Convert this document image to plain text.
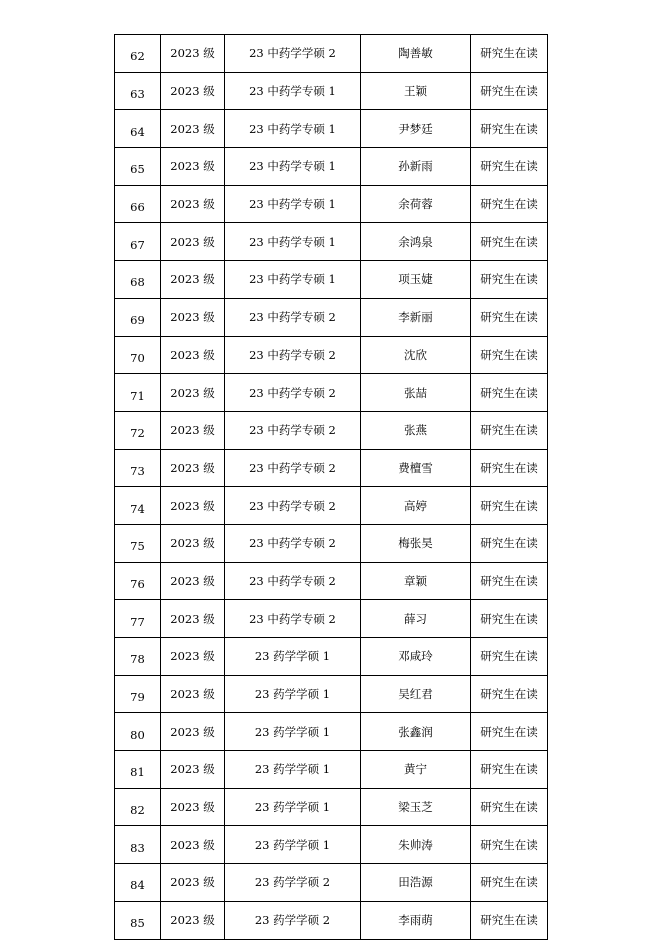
62	2023 级	23 中药学学硕 2	陶善敏	研究生在读
63	2023 级	23 中药学专硕 1	王颖	研究生在读
64	2023 级	23 中药学专硕 1	尹梦廷	研究生在读
65	2023 级	23 中药学专硕 1	孙新雨	研究生在读
66	2023 级	23 中药学专硕 1	余荷蓉	研究生在读
67	2023 级	23 中药学专硕 1	余鸿泉	研究生在读
68	2023 级	23 中药学专硕 1	项玉婕	研究生在读
69	2023 级	23 中药学专硕 2	李新丽	研究生在读
70	2023 级	23 中药学专硕 2	沈欣	研究生在读
71	2023 级	23 中药学专硕 2	张喆	研究生在读
72	2023 级	23 中药学专硕 2	张燕	研究生在读
73	2023 级	23 中药学专硕 2	费檀雪	研究生在读
74	2023 级	23 中药学专硕 2	高婷	研究生在读
75	2023 级	23 中药学专硕 2	梅张昊	研究生在读
76	2023 级	23 中药学专硕 2	章颖	研究生在读
77	2023 级	23 中药学专硕 2	薛习	研究生在读
78	2023 级	23 药学学硕 1	邓咸玲	研究生在读
79	2023 级	23 药学学硕 1	吴红君	研究生在读
80	2023 级	23 药学学硕 1	张鑫润	研究生在读
81	2023 级	23 药学学硕 1	黄宁	研究生在读
82	2023 级	23 药学学硕 1	梁玉芝	研究生在读
83	2023 级	23 药学学硕 1	朱帅涛	研究生在读
84	2023 级	23 药学学硕 2	田浩源	研究生在读
85	2023 级	23 药学学硕 2	李雨萌	研究生在读
